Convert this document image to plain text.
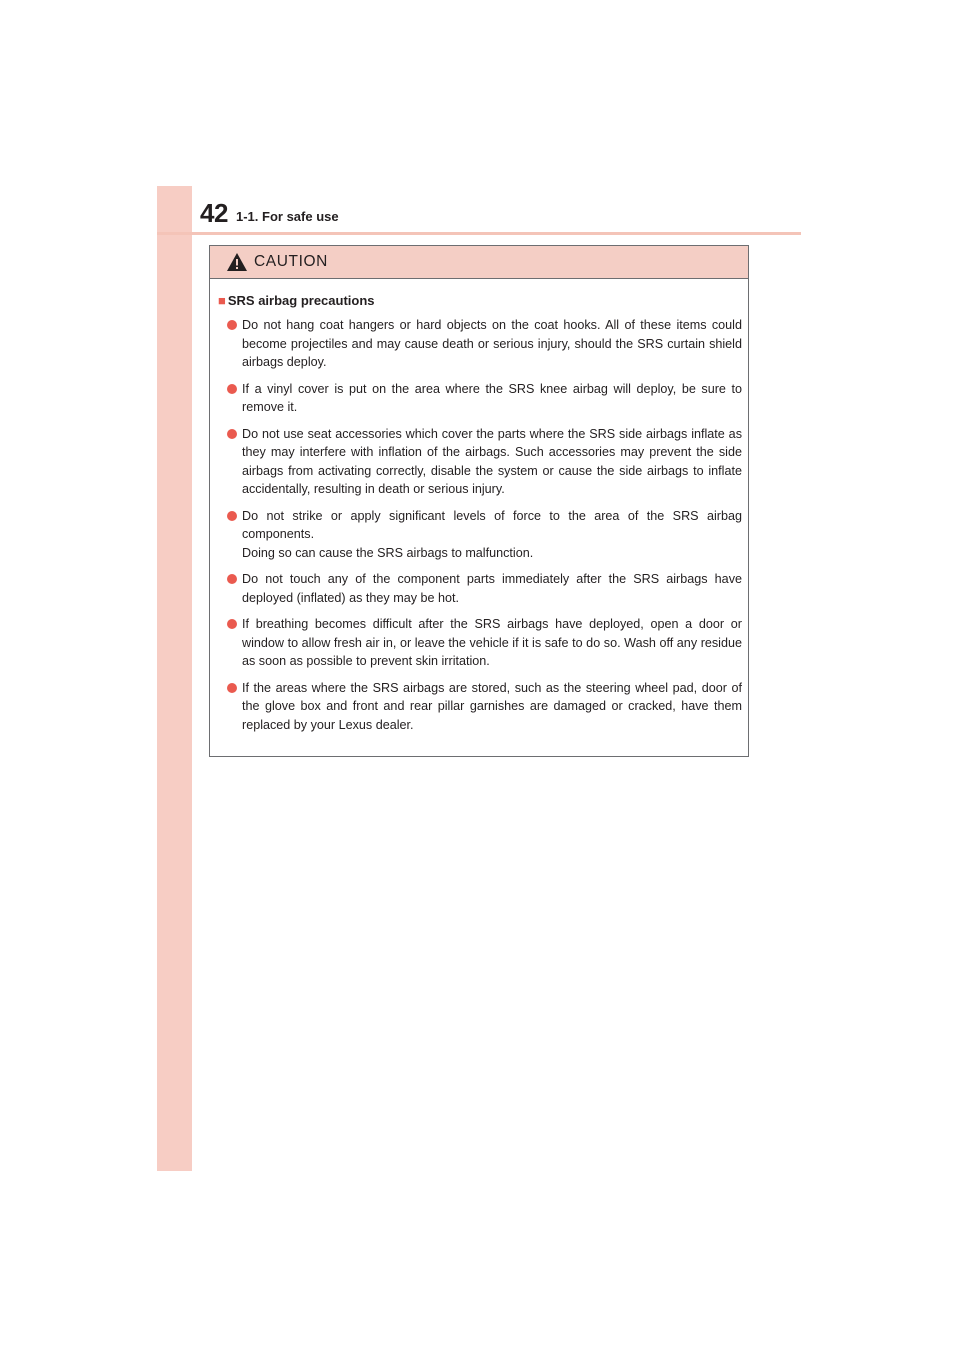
42 1-1. For safe use
CAUTION
■ SRS airbag precautions
Do not hang coat hangers or hard objects on the coat hooks. All of these items could become projectiles and may cause death or serious injury, should the SRS curtain shield airbags deploy.
If a vinyl cover is put on the area where the SRS knee airbag will deploy, be sure to remove it.
Do not use seat accessories which cover the parts where the SRS side airbags inflate as they may interfere with inflation of the airbags. Such accessories may prevent the side airbags from activating correctly, disable the system or cause the side airbags to inflate accidentally, resulting in death or serious injury.
Do not strike or apply significant levels of force to the area of the SRS airbag components.
Doing so can cause the SRS airbags to malfunction.
Do not touch any of the component parts immediately after the SRS airbags have deployed (inflated) as they may be hot.
If breathing becomes difficult after the SRS airbags have deployed, open a door or window to allow fresh air in, or leave the vehicle if it is safe to do so. Wash off any residue as soon as possible to prevent skin irritation.
If the areas where the SRS airbags are stored, such as the steering wheel pad, door of the glove box and front and rear pillar garnishes are damaged or cracked, have them replaced by your Lexus dealer.
